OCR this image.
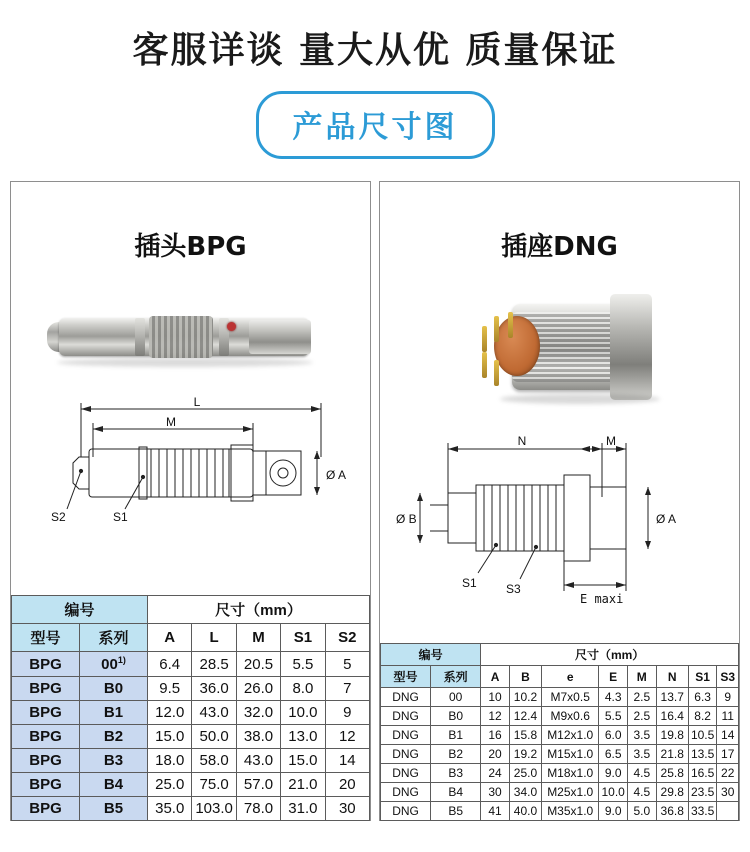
客服详谈 量大从优 质量保证
产品尺寸图
插头BPG
L
M
Ø A
S2	S1
编号		尺寸（mm）				
型号	系列	A	L	M	S1	S2
BPG	00$^{1)}$	6.4	28.5	20.5	5.5	5
BPG	B0	9.5	36.0	26.0	8.0	7
BPG	B1	12.0	43.0	32.0	10.0	9
BPG	B2	15.0	50.0	38.0	13.0	12
BPG	B3	18.0	58.0	43.0	15.0	14
BPG	B4	25.0	75.0	57.0	21.0	20
BPG	B5	35.0	103.0	78.0	31.0	30
插座DNG
N	M
Ø B	Ø A
S1 S3
E maxi
编号		尺寸（mm）							
型号	系列	A	B	e	E	M	N	S1	S3
DNG	00	10	10.2	M7x0.5	4.3	2.5	13.7	6.3	9
DNG	B0	12	12.4	M9x0.6	5.5	2.5	16.4	8.2	11
DNG	B1	16	15.8	M12x1.0	6.0	3.5	19.8	10.5	14
DNG	B2	20	19.2	M15x1.0	6.5	3.5	21.8	13.5	17
DNG	B3	24	25.0	M18x1.0	9.0	4.5	25.8	16.5	22
DNG	B4	30	34.0	M25x1.0	10.0	4.5	29.8	23.5	30
DNG	B5	41	40.0	M35x1.0	9.0	5.0	36.8	33.5	
